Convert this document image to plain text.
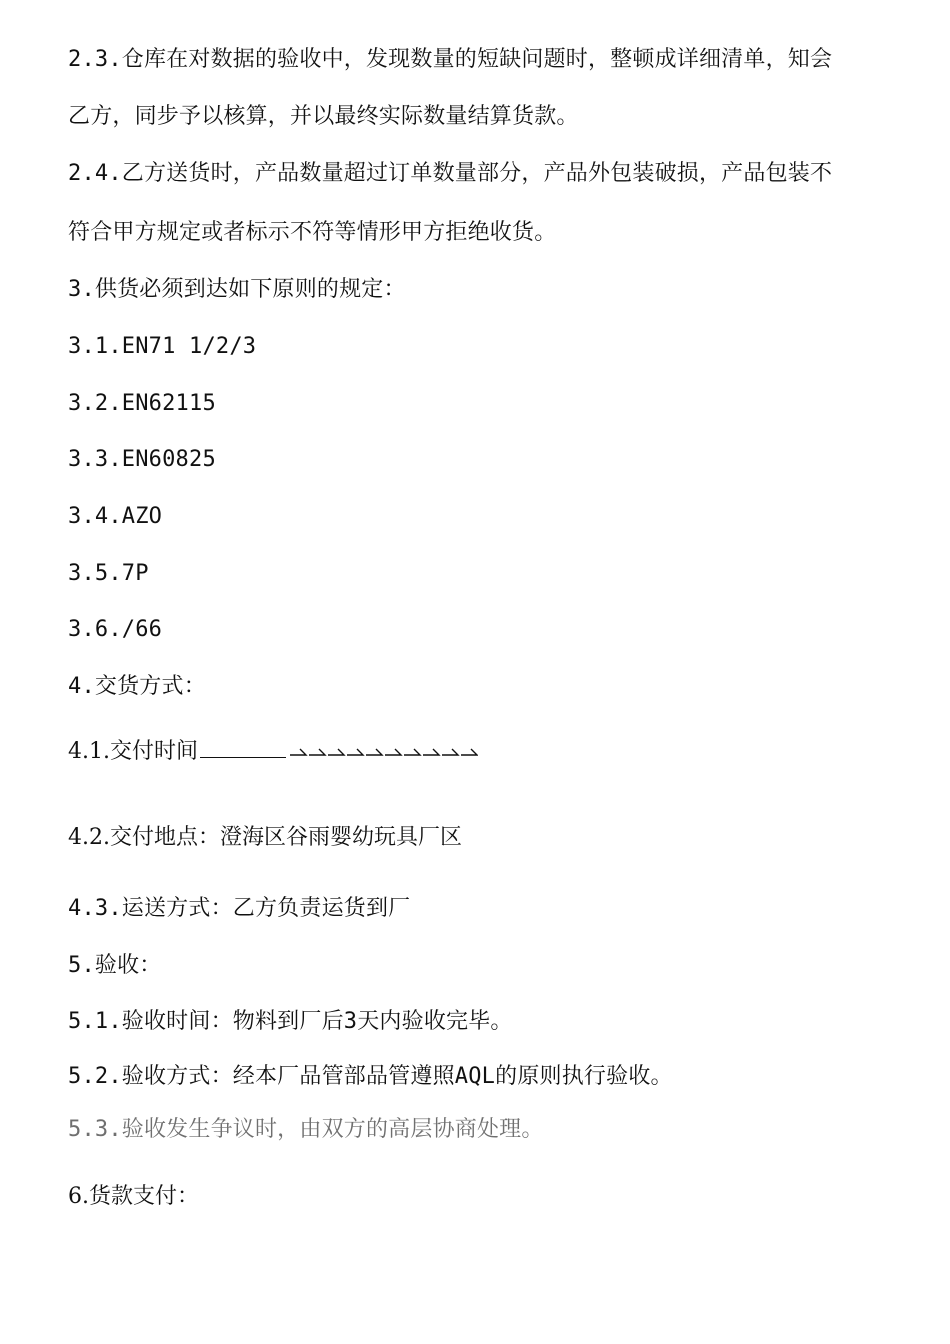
2.3.仓库在对数据的验收中，发现数量的短缺问题时，整顿成详细清单，知会
乙方，同步予以核算，并以最终实际数量结算货款。
2.4.乙方送货时，产品数量超过订单数量部分，产品外包装破损，产品包装不
符合甲方规定或者标示不符等情形甲方拒绝收货。
3.供货必须到达如下原则的规定：
3.1.EN71 1/2/3
3.2.EN62115
3.3.EN60825
3.4.AZO
3.5.7P
3.6./66
4.交货方式：
4.1.交付时间
4.2.交付地点：澄海区谷雨婴幼玩具厂区
4.3.运送方式：乙方负责运货到厂
5.验收：
5.1.验收时间：物料到厂后3天内验收完毕。
5.2.验收方式：经本厂品管部品管遵照AQL的原则执行验收。
5.3.验收发生争议时，由双方的高层协商处理。
6.货款支付：
